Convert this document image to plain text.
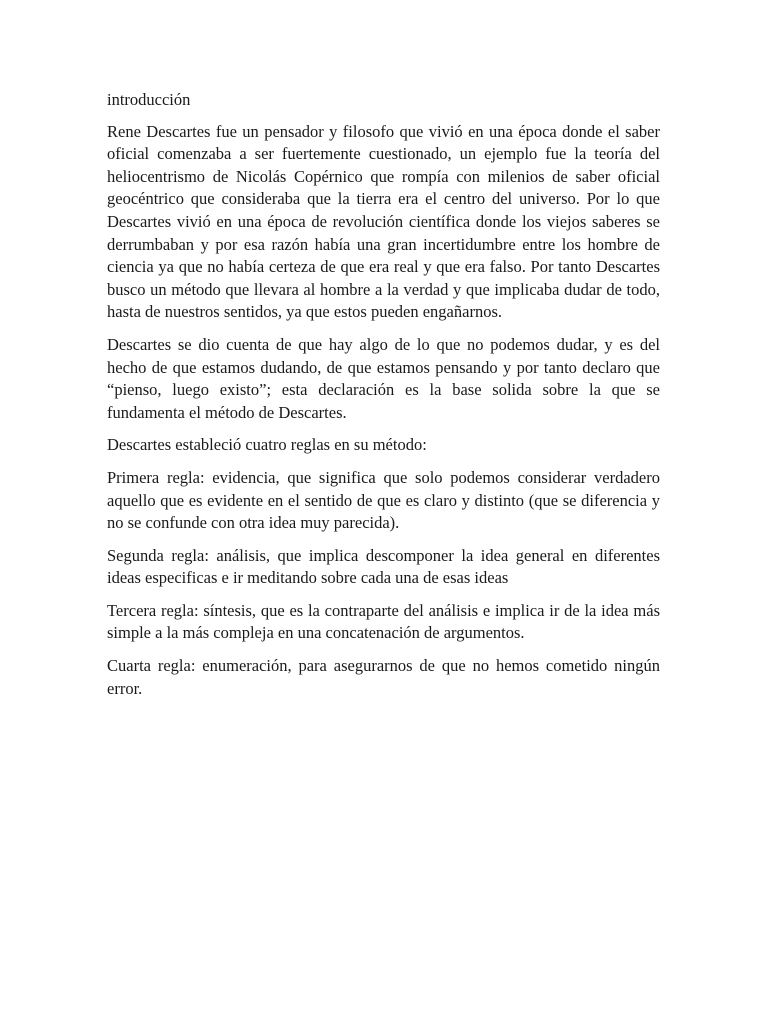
introducción

Rene Descartes fue un pensador y filosofo que vivió en una época donde el saber oficial comenzaba a ser fuertemente cuestionado, un ejemplo fue la teoría del heliocentrismo de Nicolás Copérnico que rompía con milenios de saber oficial geocéntrico que consideraba que la tierra era el centro del universo. Por lo que Descartes vivió en una época de revolución científica donde los viejos saberes se derrumbaban y por esa razón había una gran incertidumbre entre los hombre de ciencia ya que no había certeza de que era real y que era falso. Por tanto Descartes busco un método que llevara al hombre a la verdad y que implicaba dudar de todo, hasta de nuestros sentidos, ya que estos pueden engañarnos.

Descartes se dio cuenta de que hay algo de lo que no podemos dudar, y es del hecho de que estamos dudando, de que estamos pensando y por tanto declaro que “pienso, luego existo”; esta declaración es la base solida sobre la que se fundamenta el método de Descartes.

Descartes estableció cuatro reglas en su método:

Primera regla: evidencia, que significa que solo podemos considerar verdadero aquello que es evidente en el sentido de que es claro y distinto (que se diferencia y no se confunde con otra idea muy parecida).

Segunda regla: análisis, que implica descomponer la idea general en diferentes ideas especificas e ir meditando sobre cada una de esas ideas

Tercera regla: síntesis, que es la contraparte del análisis e implica ir de la idea más simple a la más compleja en una concatenación de argumentos.

Cuarta regla: enumeración, para asegurarnos de que no hemos cometido ningún error.
